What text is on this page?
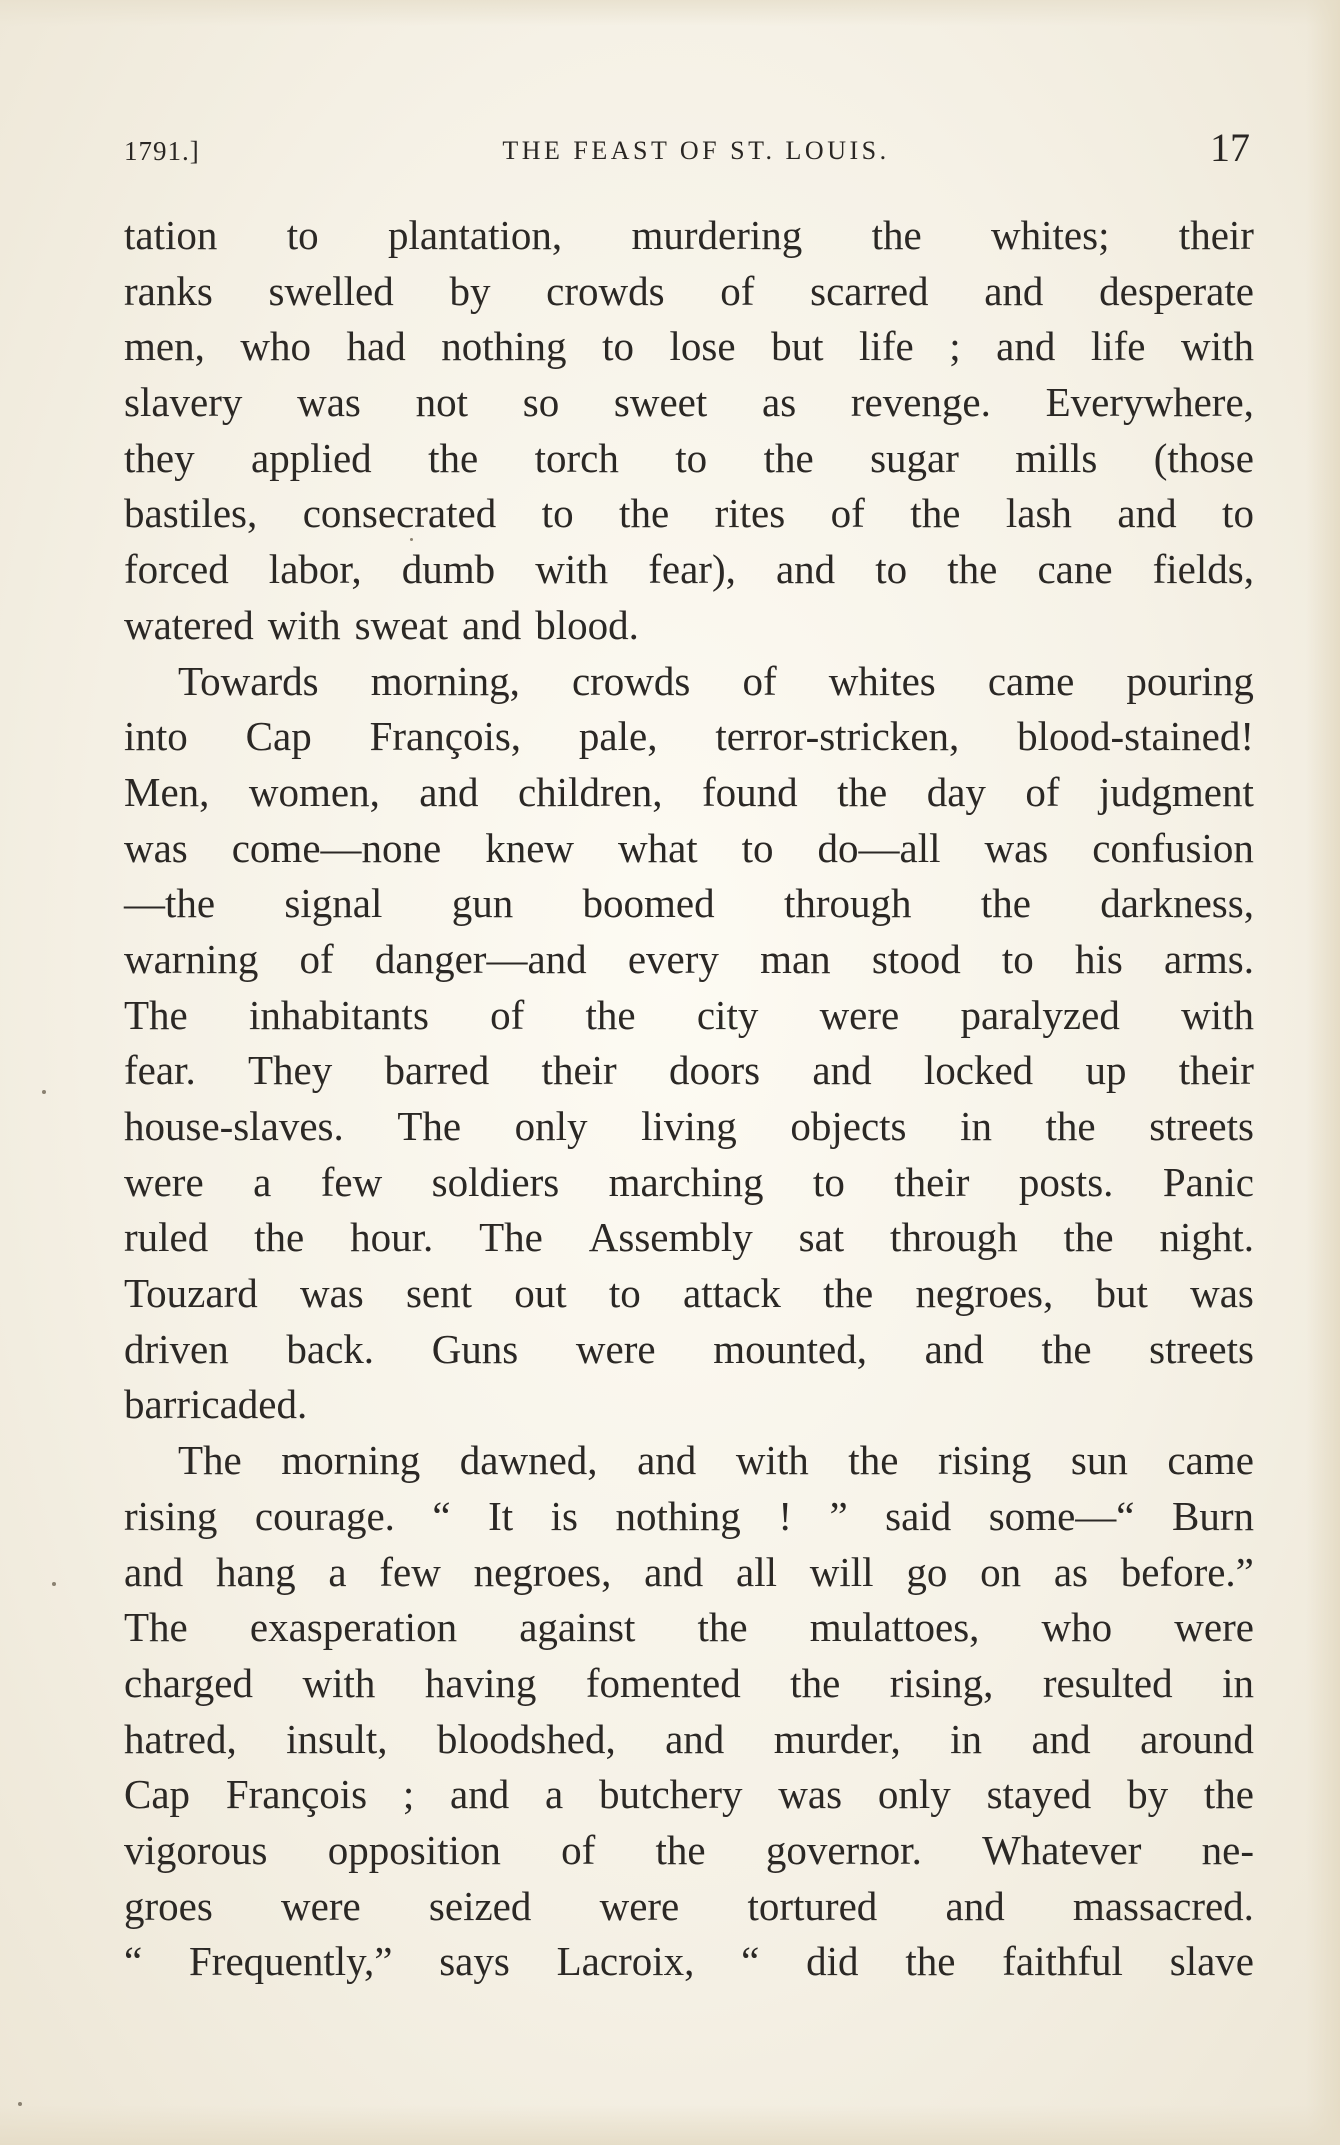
1791.]	THE FEAST OF ST. LOUIS.	17
tation to plantation, murdering the whites; their
ranks swelled by crowds of scarred and desperate
men, who had nothing to lose but life ; and life with
slavery was not so sweet as revenge. Everywhere,
they applied the torch to the sugar mills (those
bastiles, consecrated to the rites of the lash and to
forced labor, dumb with fear), and to the cane fields,
watered with sweat and blood.
Towards morning, crowds of whites came pouring
into Cap François, pale, terror-stricken, blood-stained!
Men, women, and children, found the day of judgment
was come—none knew what to do—all was confusion
—the signal gun boomed through the darkness,
warning of danger—and every man stood to his arms.
The inhabitants of the city were paralyzed with
fear. They barred their doors and locked up their
house-slaves. The only living objects in the streets
were a few soldiers marching to their posts. Panic
ruled the hour. The Assembly sat through the night.
Touzard was sent out to attack the negroes, but was
driven back. Guns were mounted, and the streets
barricaded.
The morning dawned, and with the rising sun came
rising courage. “ It is nothing ! ” said some—“ Burn
and hang a few negroes, and all will go on as before.”
The exasperation against the mulattoes, who were
charged with having fomented the rising, resulted in
hatred, insult, bloodshed, and murder, in and around
Cap François ; and a butchery was only stayed by the
vigorous opposition of the governor. Whatever ne-
groes were seized were tortured and massacred.
“ Frequently,” says Lacroix, “ did the faithful slave
